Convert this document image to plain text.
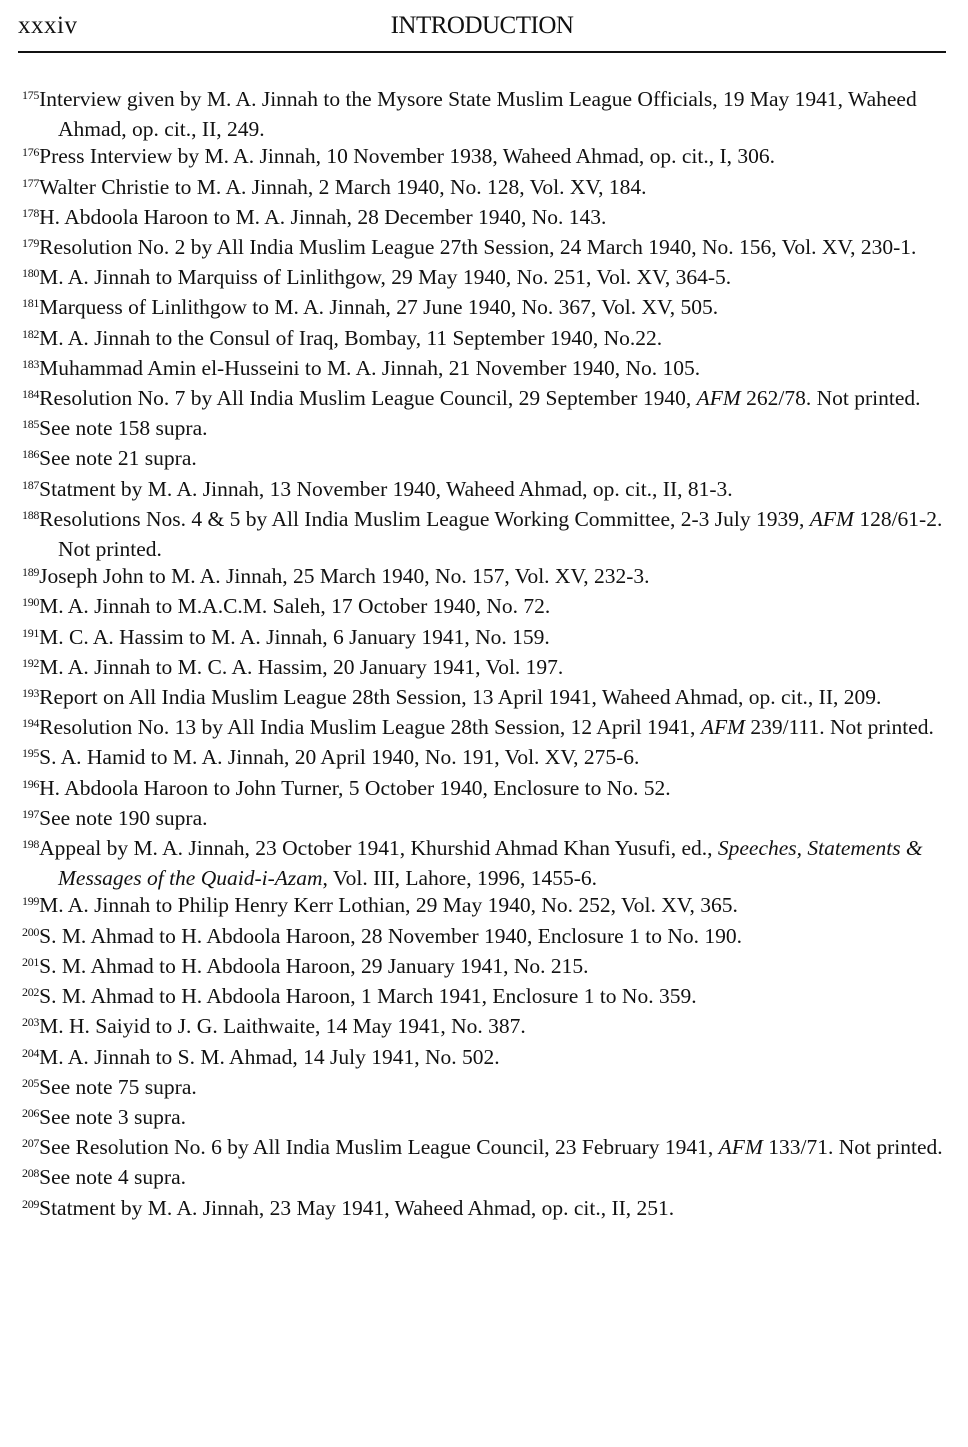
xxxiv	INTRODUCTION
$^{175}$Interview given by M. A. Jinnah to the Mysore State Muslim League Officials, 19 May 1941, Waheed Ahmad, op. cit., II, 249.
$^{176}$Press Interview by M. A. Jinnah, 10 November 1938, Waheed Ahmad, op. cit., I, 306.
$^{177}$Walter Christie to M. A. Jinnah, 2 March 1940, No. 128, Vol. XV, 184.
$^{178}$H. Abdoola Haroon to M. A. Jinnah, 28 December 1940, No. 143.
$^{179}$Resolution No. 2 by All India Muslim League 27th Session, 24 March 1940, No. 156, Vol. XV, 230-1.
$^{180}$M. A. Jinnah to Marquiss of Linlithgow, 29 May 1940, No. 251, Vol. XV, 364-5.
$^{181}$Marquess of Linlithgow to M. A. Jinnah, 27 June 1940, No. 367, Vol. XV, 505.
$^{182}$M. A. Jinnah to the Consul of Iraq, Bombay, 11 September 1940, No.22.
$^{183}$Muhammad Amin el-Husseini to M. A. Jinnah, 21 November 1940, No. 105.
$^{184}$Resolution No. 7 by All India Muslim League Council, 29 September 1940, AFM 262/78. Not printed.
$^{185}$See note 158 supra.
$^{186}$See note 21 supra.
$^{187}$Statment by M. A. Jinnah, 13 November 1940, Waheed Ahmad, op. cit., II, 81-3.
$^{188}$Resolutions Nos. 4 & 5 by All India Muslim League Working Committee, 2-3 July 1939, AFM 128/61-2. Not printed.
$^{189}$Joseph John to M. A. Jinnah, 25 March 1940, No. 157, Vol. XV, 232-3.
$^{190}$M. A. Jinnah to M.A.C.M. Saleh, 17 October 1940, No. 72.
$^{191}$M. C. A. Hassim to M. A. Jinnah, 6 January 1941, No. 159.
$^{192}$M. A. Jinnah to M. C. A. Hassim, 20 January 1941, Vol. 197.
$^{193}$Report on All India Muslim League 28th Session, 13 April 1941, Waheed Ahmad, op. cit., II, 209.
$^{194}$Resolution No. 13 by All India Muslim League 28th Session, 12 April 1941, AFM 239/111. Not printed.
$^{195}$S. A. Hamid to M. A. Jinnah, 20 April 1940, No. 191, Vol. XV, 275-6.
$^{196}$H. Abdoola Haroon to John Turner, 5 October 1940, Enclosure to No. 52.
$^{197}$See note 190 supra.
$^{198}$Appeal by M. A. Jinnah, 23 October 1941, Khurshid Ahmad Khan Yusufi, ed., Speeches, Statements & Messages of the Quaid-i-Azam, Vol. III, Lahore, 1996, 1455-6.
$^{199}$M. A. Jinnah to Philip Henry Kerr Lothian, 29 May 1940, No. 252, Vol. XV, 365.
$^{200}$S. M. Ahmad to H. Abdoola Haroon, 28 November 1940, Enclosure 1 to No. 190.
$^{201}$S. M. Ahmad to H. Abdoola Haroon, 29 January 1941, No. 215.
$^{202}$S. M. Ahmad to H. Abdoola Haroon, 1 March 1941, Enclosure 1 to No. 359.
$^{203}$M. H. Saiyid to J. G. Laithwaite, 14 May 1941, No. 387.
$^{204}$M. A. Jinnah to S. M. Ahmad, 14 July 1941, No. 502.
$^{205}$See note 75 supra.
$^{206}$See note 3 supra.
$^{207}$See Resolution No. 6 by All India Muslim League Council, 23 February 1941, AFM 133/71. Not printed.
$^{208}$See note 4 supra.
$^{209}$Statment by M. A. Jinnah, 23 May 1941, Waheed Ahmad, op. cit., II, 251.
